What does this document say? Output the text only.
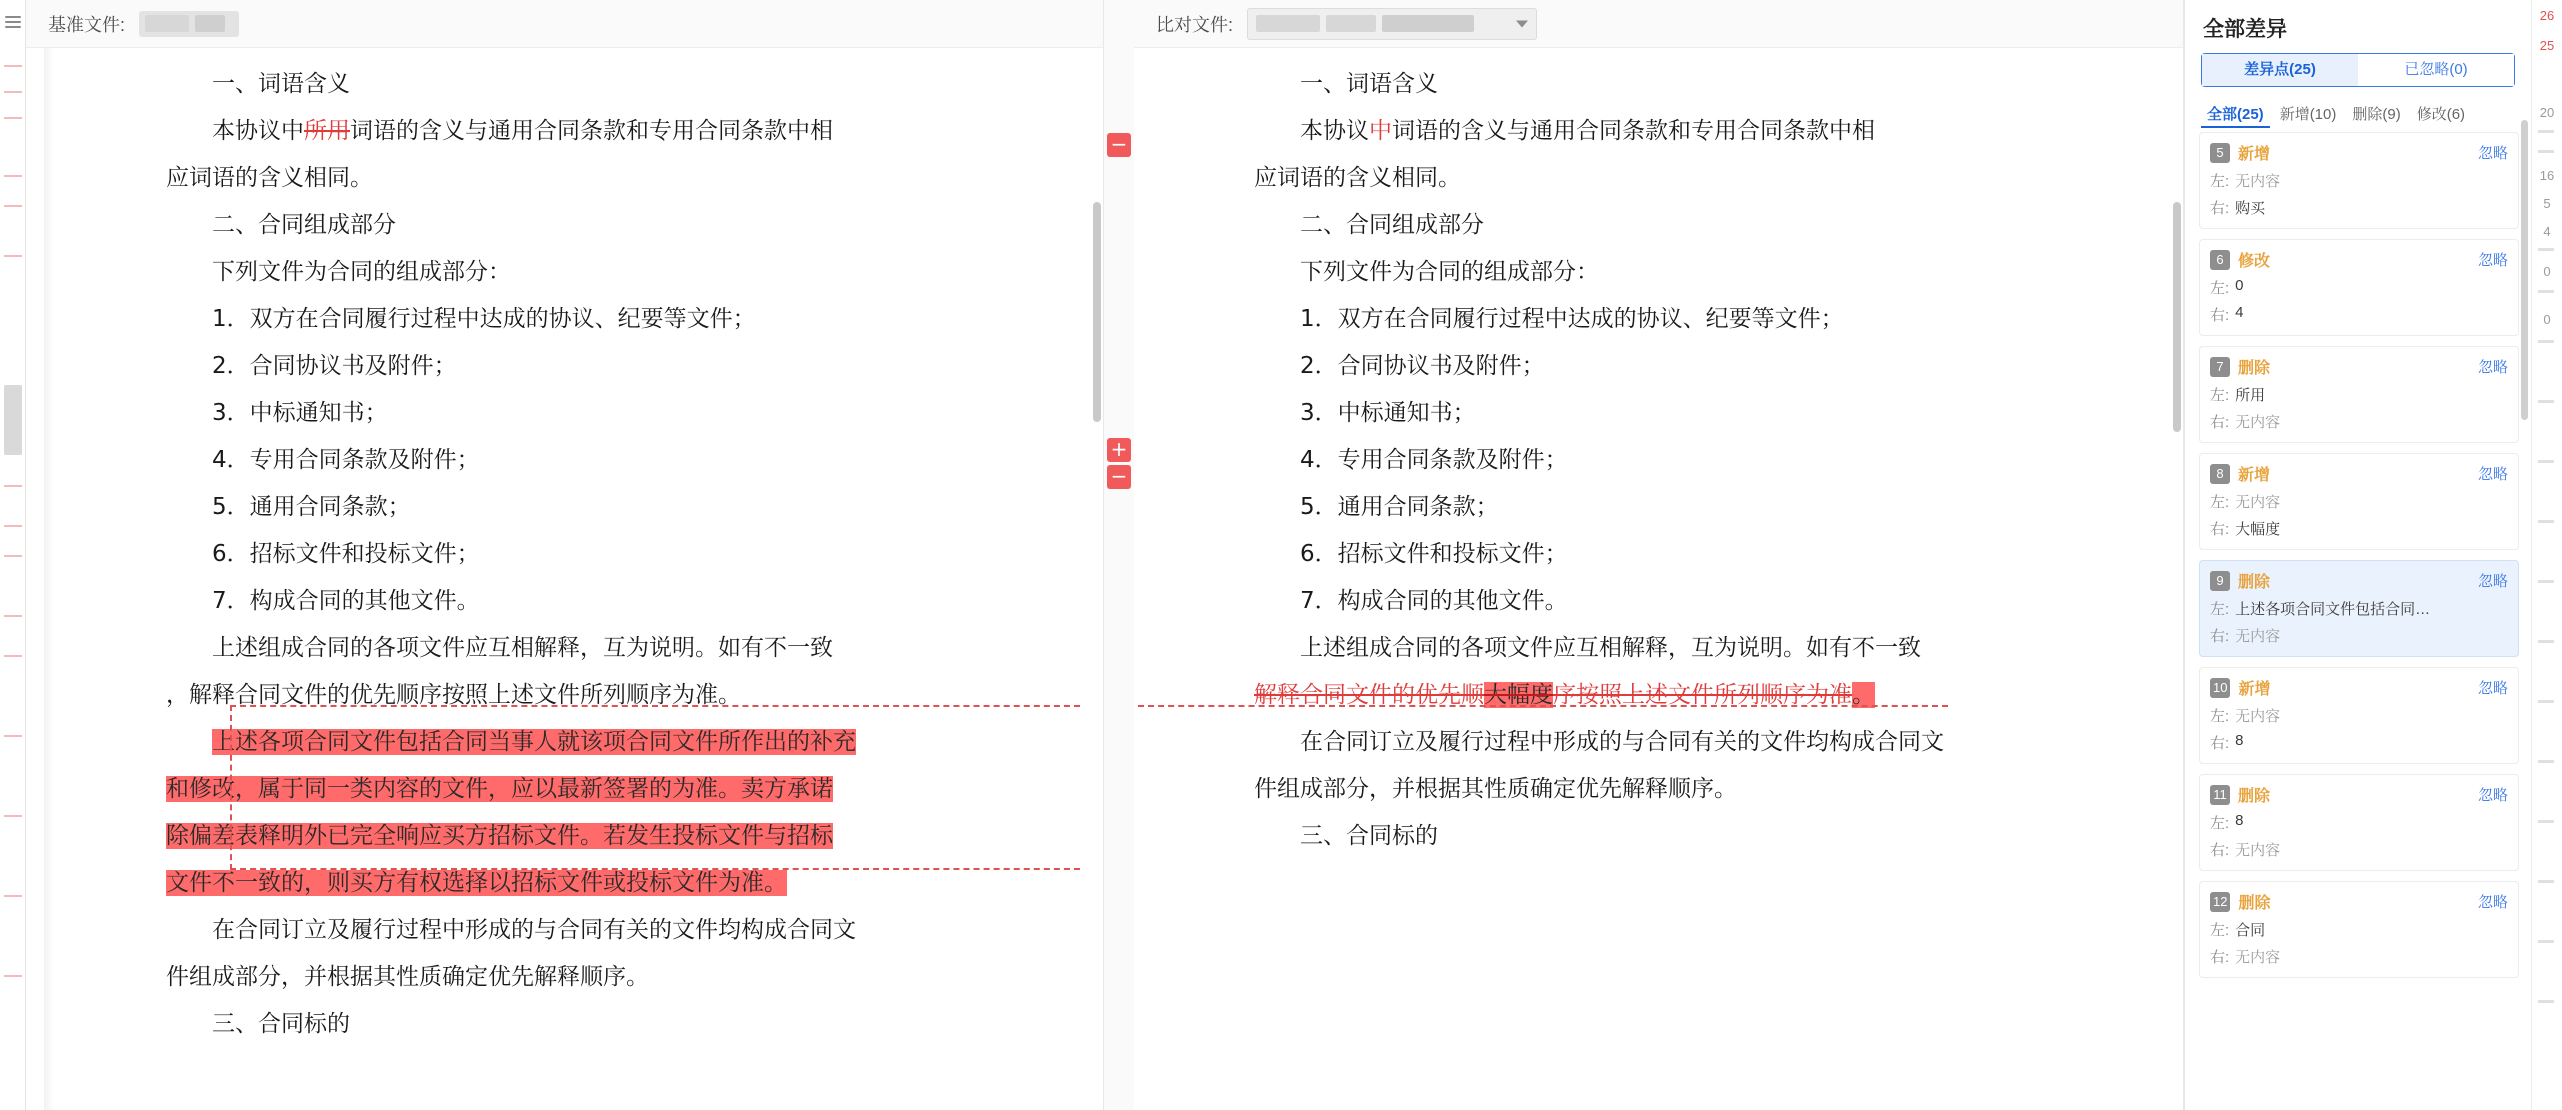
基准文件:
一、词语含义
本协议中所用词语的含义与通用合同条款和专用合同条款中相
应词语的含义相同。
二、合同组成部分
下列文件为合同的组成部分：
1．双方在合同履行过程中达成的协议、纪要等文件；
2．合同协议书及附件；
3．中标通知书；
4．专用合同条款及附件；
5．通用合同条款；
6．招标文件和投标文件；
7．构成合同的其他文件。
上述组成合同的各项文件应互相解释，互为说明。如有不一致
，解释合同文件的优先顺序按照上述文件所列顺序为准。
上述各项合同文件包括合同当事人就该项合同文件所作出的补充
和修改，属于同一类内容的文件，应以最新签署的为准。卖方承诺
除偏差表释明外已完全响应买方招标文件。若发生投标文件与招标
文件不一致的，则买方有权选择以招标文件或投标文件为准。
在合同订立及履行过程中形成的与合同有关的文件均构成合同文
件组成部分，并根据其性质确定优先解释顺序。
三、合同标的
−
+
−
比对文件:
一、词语含义
本协议中词语的含义与通用合同条款和专用合同条款中相
应词语的含义相同。
二、合同组成部分
下列文件为合同的组成部分：
1．双方在合同履行过程中达成的协议、纪要等文件；
2．合同协议书及附件；
3．中标通知书；
4．专用合同条款及附件；
5．通用合同条款；
6．招标文件和投标文件；
7．构成合同的其他文件。
上述组成合同的各项文件应互相解释，互为说明。如有不一致
解释合同文件的优先顺大幅度序按照上述文件所列顺序为准。
在合同订立及履行过程中形成的与合同有关的文件均构成合同文
件组成部分，并根据其性质确定优先解释顺序。
三、合同标的
全部差异
差异点(25)	已忽略(0)
全部(25)	新增(10)	删除(9)	修改(6)
5 新增	忽略
左: 无内容
右: 购买
6 修改	忽略
左: 0
右: 4
7 删除	忽略
左: 所用
右: 无内容
8 新增	忽略
左: 无内容
右: 大幅度
9 删除	忽略
左: 上述各项合同文件包括合同…
右: 无内容
10 新增	忽略
左: 无内容
右: 8
11 删除	忽略
左: 8
右: 无内容
12 删除	忽略
左: 合同
右: 无内容
26
25
20
16
5
4
0
0
